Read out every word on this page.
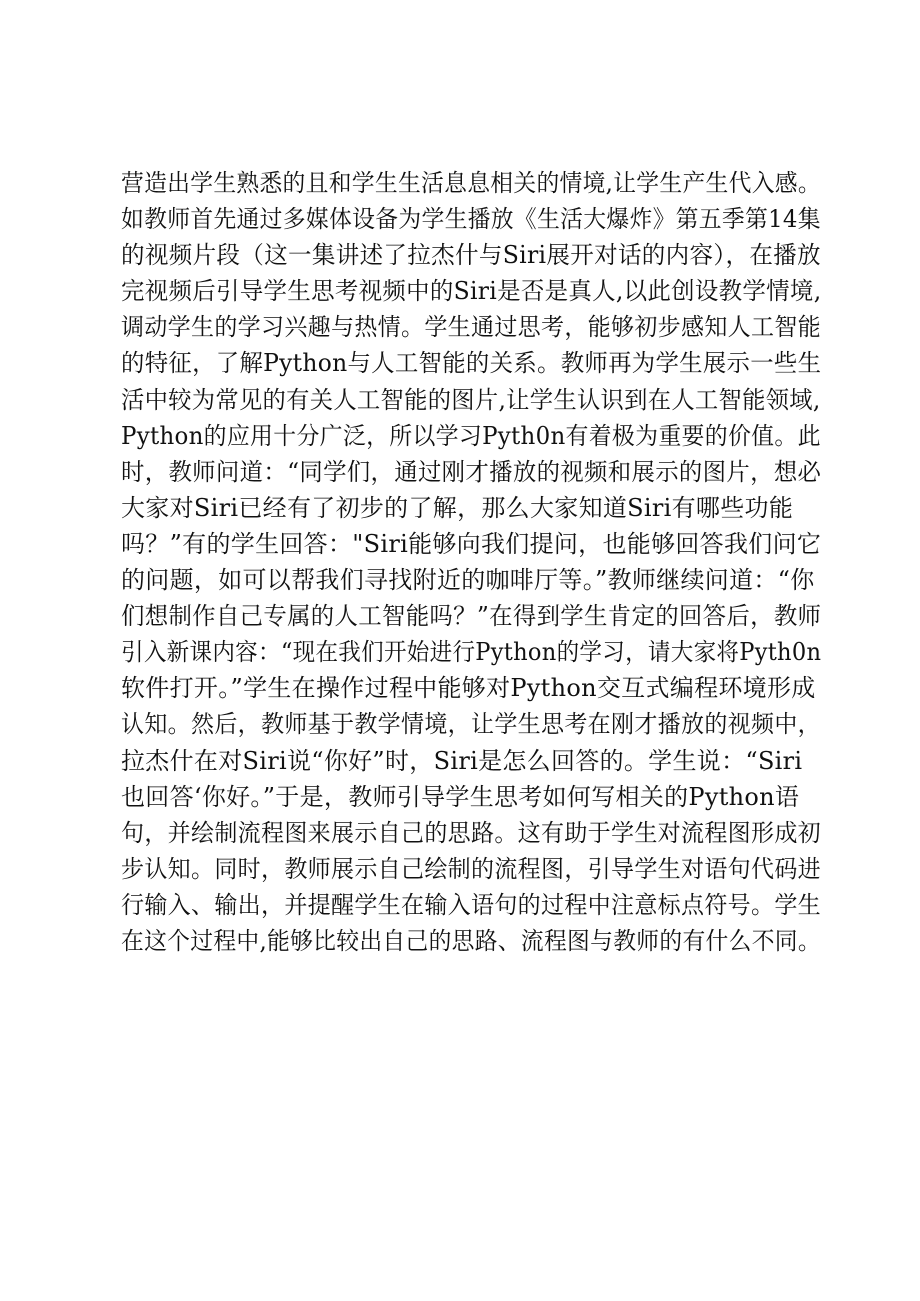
营造出学生熟悉的且和学生生活息息相关的情境,让学生产生代入感。
如教师首先通过多媒体设备为学生播放《生活大爆炸》第五季第14集
的视频片段（这一集讲述了拉杰什与Siri展开对话的内容），在播放
完视频后引导学生思考视频中的Siri是否是真人,以此创设教学情境,
调动学生的学习兴趣与热情。学生通过思考，能够初步感知人工智能
的特征，了解Python与人工智能的关系。教师再为学生展示一些生
活中较为常见的有关人工智能的图片,让学生认识到在人工智能领域,
Python的应用十分广泛，所以学习Pyth0n有着极为重要的价值。此
时，教师问道：“同学们，通过刚才播放的视频和展示的图片，想必
大家对Siri已经有了初步的了解，那么大家知道Siri有哪些功能
吗？”有的学生回答："Siri能够向我们提问，也能够回答我们问它
的问题，如可以帮我们寻找附近的咖啡厅等。”教师继续问道：“你
们想制作自己专属的人工智能吗？”在得到学生肯定的回答后，教师
引入新课内容：“现在我们开始进行Python的学习，请大家将Pyth0n
软件打开。”学生在操作过程中能够对Python交互式编程环境形成
认知。然后，教师基于教学情境，让学生思考在刚才播放的视频中，
拉杰什在对Siri说“你好”时，Siri是怎么回答的。学生说：“Siri
也回答‘你好。”于是，教师引导学生思考如何写相关的Python语
句，并绘制流程图来展示自己的思路。这有助于学生对流程图形成初
步认知。同时，教师展示自己绘制的流程图，引导学生对语句代码进
行输入、输出，并提醒学生在输入语句的过程中注意标点符号。学生
在这个过程中,能够比较出自己的思路、流程图与教师的有什么不同。
